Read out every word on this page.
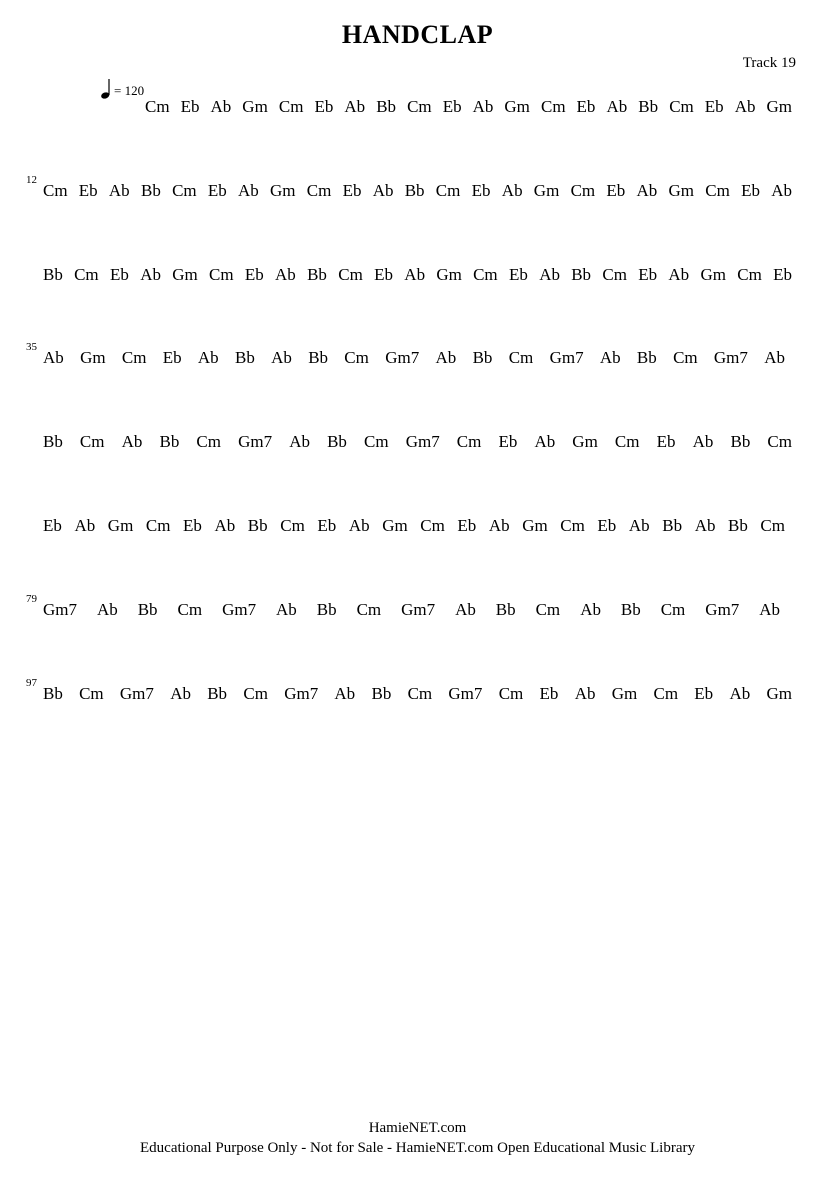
HANDCLAP
Track 19
= 120
Cm Eb Ab Gm Cm Eb Ab Bb Cm Eb Ab Gm Cm Eb Ab Bb Cm Eb Ab Gm
12
Cm Eb Ab Bb Cm Eb Ab Gm Cm Eb Ab Bb Cm Eb Ab Gm Cm Eb Ab Gm Cm Eb Ab
Bb Cm Eb Ab Gm Cm Eb Ab Bb Cm Eb Ab Gm Cm Eb Ab Bb Cm Eb Ab Gm Cm Eb
35
Ab Gm Cm Eb Ab Bb Ab Bb Cm Gm7 Ab Bb Cm Gm7 Ab Bb Cm Gm7 Ab
Bb Cm Ab Bb Cm Gm7 Ab Bb Cm Gm7 Cm Eb Ab Gm Cm Eb Ab Bb Cm
Eb Ab Gm Cm Eb Ab Bb Cm Eb Ab Gm Cm Eb Ab Gm Cm Eb Ab Bb Ab Bb Cm
79
Gm7 Ab Bb Cm Gm7 Ab Bb Cm Gm7 Ab Bb Cm Ab Bb Cm Gm7 Ab
97
Bb Cm Gm7 Ab Bb Cm Gm7 Ab Bb Cm Gm7 Cm Eb Ab Gm Cm Eb Ab Gm
HamieNET.com
Educational Purpose Only - Not for Sale - HamieNET.com Open Educational Music Library
